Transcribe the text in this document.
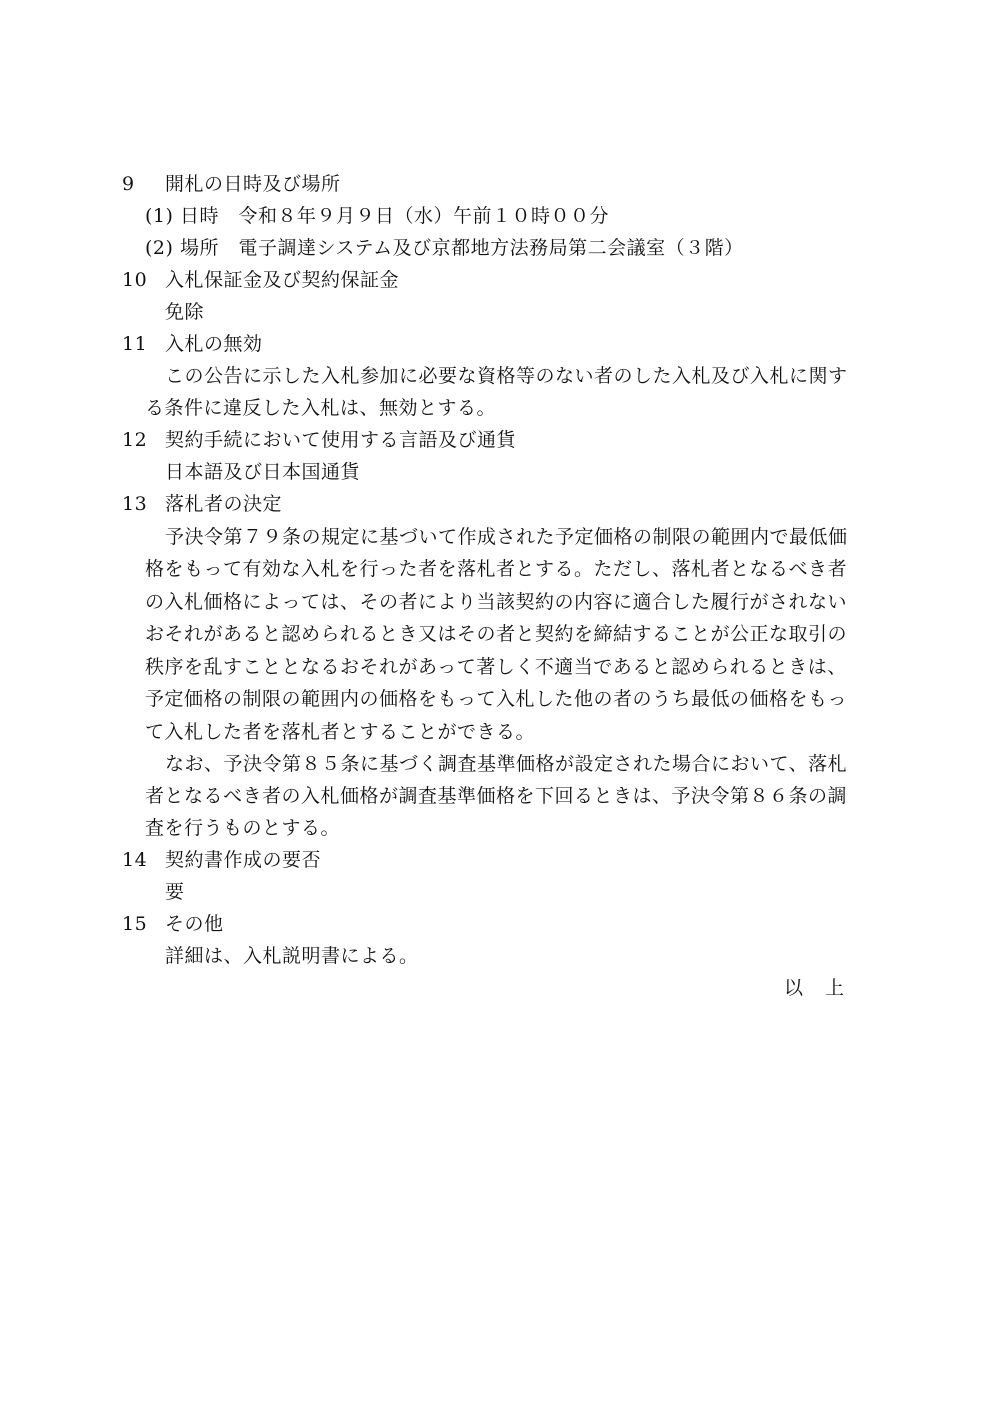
9	開札の日時及び場所
(1) 日時　令和８年９月９日（水）午前１０時００分
(2) 場所　電子調達システム及び京都地方法務局第二会議室（３階）
10 入札保証金及び契約保証金
免除
11 入札の無効
この公告に示した入札参加に必要な資格等のない者のした入札及び入札に関す
る条件に違反した入札は、無効とする。
12 契約手続において使用する言語及び通貨
日本語及び日本国通貨
13 落札者の決定
予決令第７９条の規定に基づいて作成された予定価格の制限の範囲内で最低価
格をもって有効な入札を行った者を落札者とする。ただし、落札者となるべき者
の入札価格によっては、その者により当該契約の内容に適合した履行がされない
おそれがあると認められるとき又はその者と契約を締結することが公正な取引の
秩序を乱すこととなるおそれがあって著しく不適当であると認められるときは、
予定価格の制限の範囲内の価格をもって入札した他の者のうち最低の価格をもっ
て入札した者を落札者とすることができる。
なお、予決令第８５条に基づく調査基準価格が設定された場合において、落札
者となるべき者の入札価格が調査基準価格を下回るときは、予決令第８６条の調
査を行うものとする。
14 契約書作成の要否
要
15 その他
詳細は、入札説明書による。
以上
